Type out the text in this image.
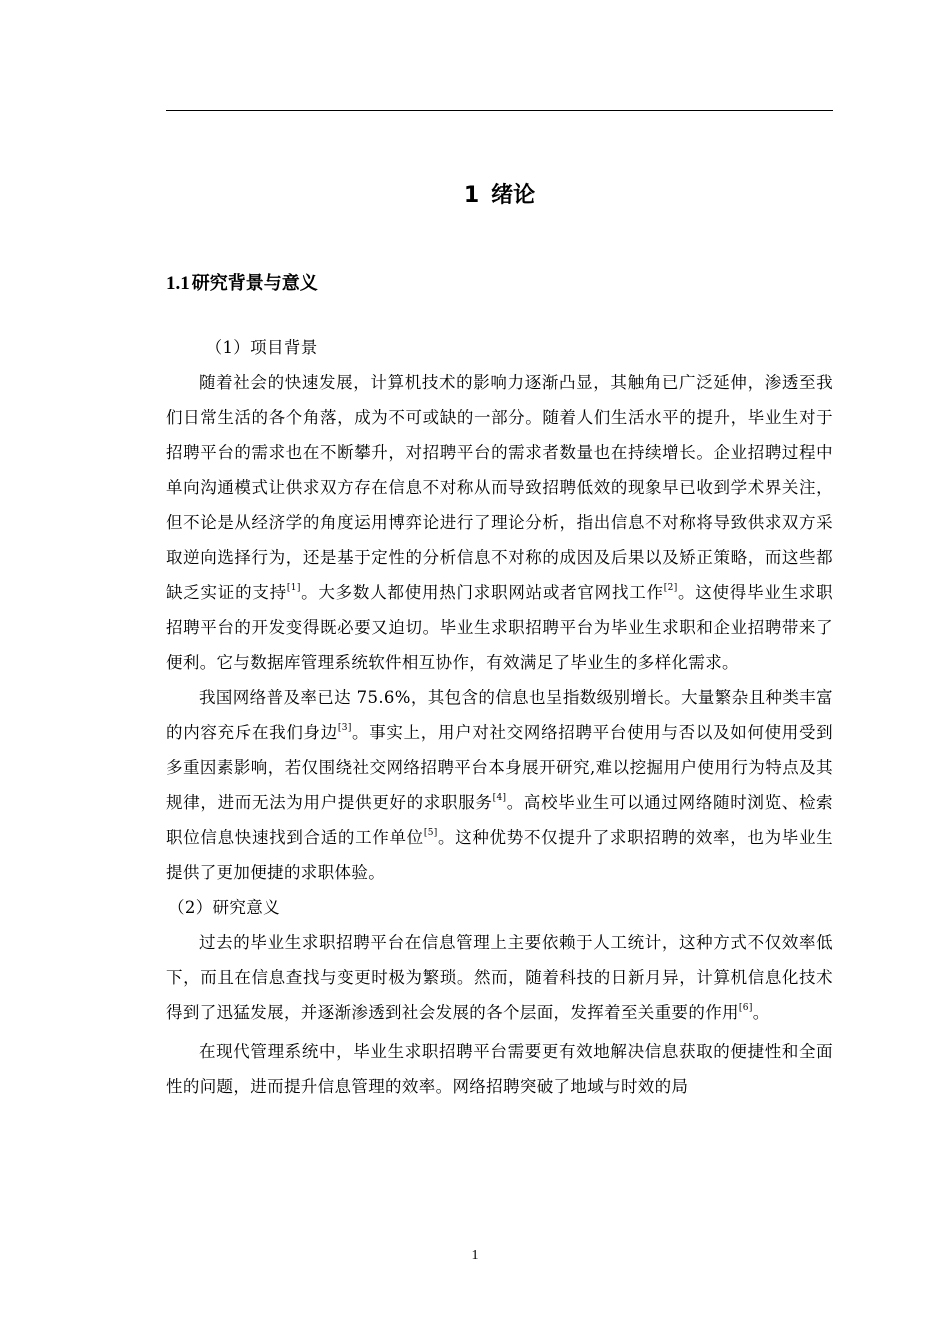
1 绪论
1.1 研究背景与意义

（1）项目背景

随着社会的快速发展，计算机技术的影响力逐渐凸显，其触角已广泛延伸，渗透至我们日常生活的各个角落，成为不可或缺的一部分。随着人们生活水平的提升，毕业生对于招聘平台的需求也在不断攀升，对招聘平台的需求者数量也在持续增长。企业招聘过程中单向沟通模式让供求双方存在信息不对称从而导致招聘低效的现象早已收到学术界关注，但不论是从经济学的角度运用博弈论进行了理论分析，指出信息不对称将导致供求双方采取逆向选择行为，还是基于定性的分析信息不对称的成因及后果以及矫正策略，而这些都缺乏实证的支持[1]。大多数人都使用热门求职网站或者官网找工作[2]。这使得毕业生求职招聘平台的开发变得既必要又迫切。毕业生求职招聘平台为毕业生求职和企业招聘带来了便利。它与数据库管理系统软件相互协作，有效满足了毕业生的多样化需求。

我国网络普及率已达 75.6%，其包含的信息也呈指数级别增长。大量繁杂且种类丰富的内容充斥在我们身边[3]。事实上，用户对社交网络招聘平台使用与否以及如何使用受到多重因素影响，若仅围绕社交网络招聘平台本身展开研究,难以挖掘用户使用行为特点及其规律，进而无法为用户提供更好的求职服务[4]。高校毕业生可以通过网络随时浏览、检索职位信息快速找到合适的工作单位[5]。这种优势不仅提升了求职招聘的效率，也为毕业生提供了更加便捷的求职体验。

（2）研究意义

过去的毕业生求职招聘平台在信息管理上主要依赖于人工统计，这种方式不仅效率低下，而且在信息查找与变更时极为繁琐。然而，随着科技的日新月异，计算机信息化技术得到了迅猛发展，并逐渐渗透到社会发展的各个层面，发挥着至关重要的作用[6]。

在现代管理系统中，毕业生求职招聘平台需要更有效地解决信息获取的便捷性和全面性的问题，进而提升信息管理的效率。网络招聘突破了地域与时效的局

1
